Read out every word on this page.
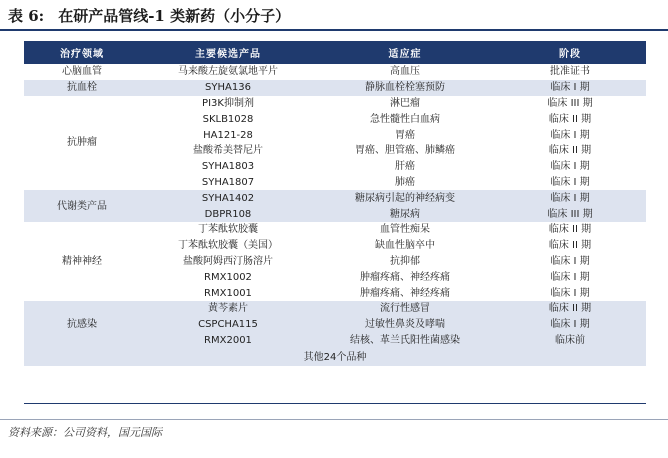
表 6: 在研产品管线-1 类新药（小分子）
治疗领域	主要候选产品	适应症	阶段
心脑血管	马来酸左旋氨氯地平片	高血压	批准证书
抗血栓	SYHA136	静脉血栓栓塞预防	临床 I 期
抗肿瘤	PI3K抑制剂	淋巴瘤	临床 III 期
	SKLB1028	急性髓性白血病	临床 II 期
	HA121-28	胃癌	临床 I 期
	盐酸希美替尼片	胃癌、胆管癌、肺鳞癌	临床 II 期
	SYHA1803	肝癌	临床 I 期
	SYHA1807	肺癌	临床 I 期
代谢类产品	SYHA1402	糖尿病引起的神经病变	临床 I 期
	DBPR108	糖尿病	临床 III 期
精神神经	丁苯酞软胶囊	血管性痴呆	临床 II 期
	丁苯酞软胶囊（美国）	缺血性脑卒中	临床 II 期
	盐酸阿姆西汀肠溶片	抗抑郁	临床 I 期
	RMX1002	肿瘤疼痛、神经疼痛	临床 I 期
	RMX1001	肿瘤疼痛、神经疼痛	临床 I 期
抗感染	黄芩素片	流行性感冒	临床 II 期
	CSPCHA115	过敏性鼻炎及哮喘	临床 I 期
	RMX2001	结核、革兰氏阳性菌感染	临床前
其他24个品种			
资料来源：公司资料，国元国际
